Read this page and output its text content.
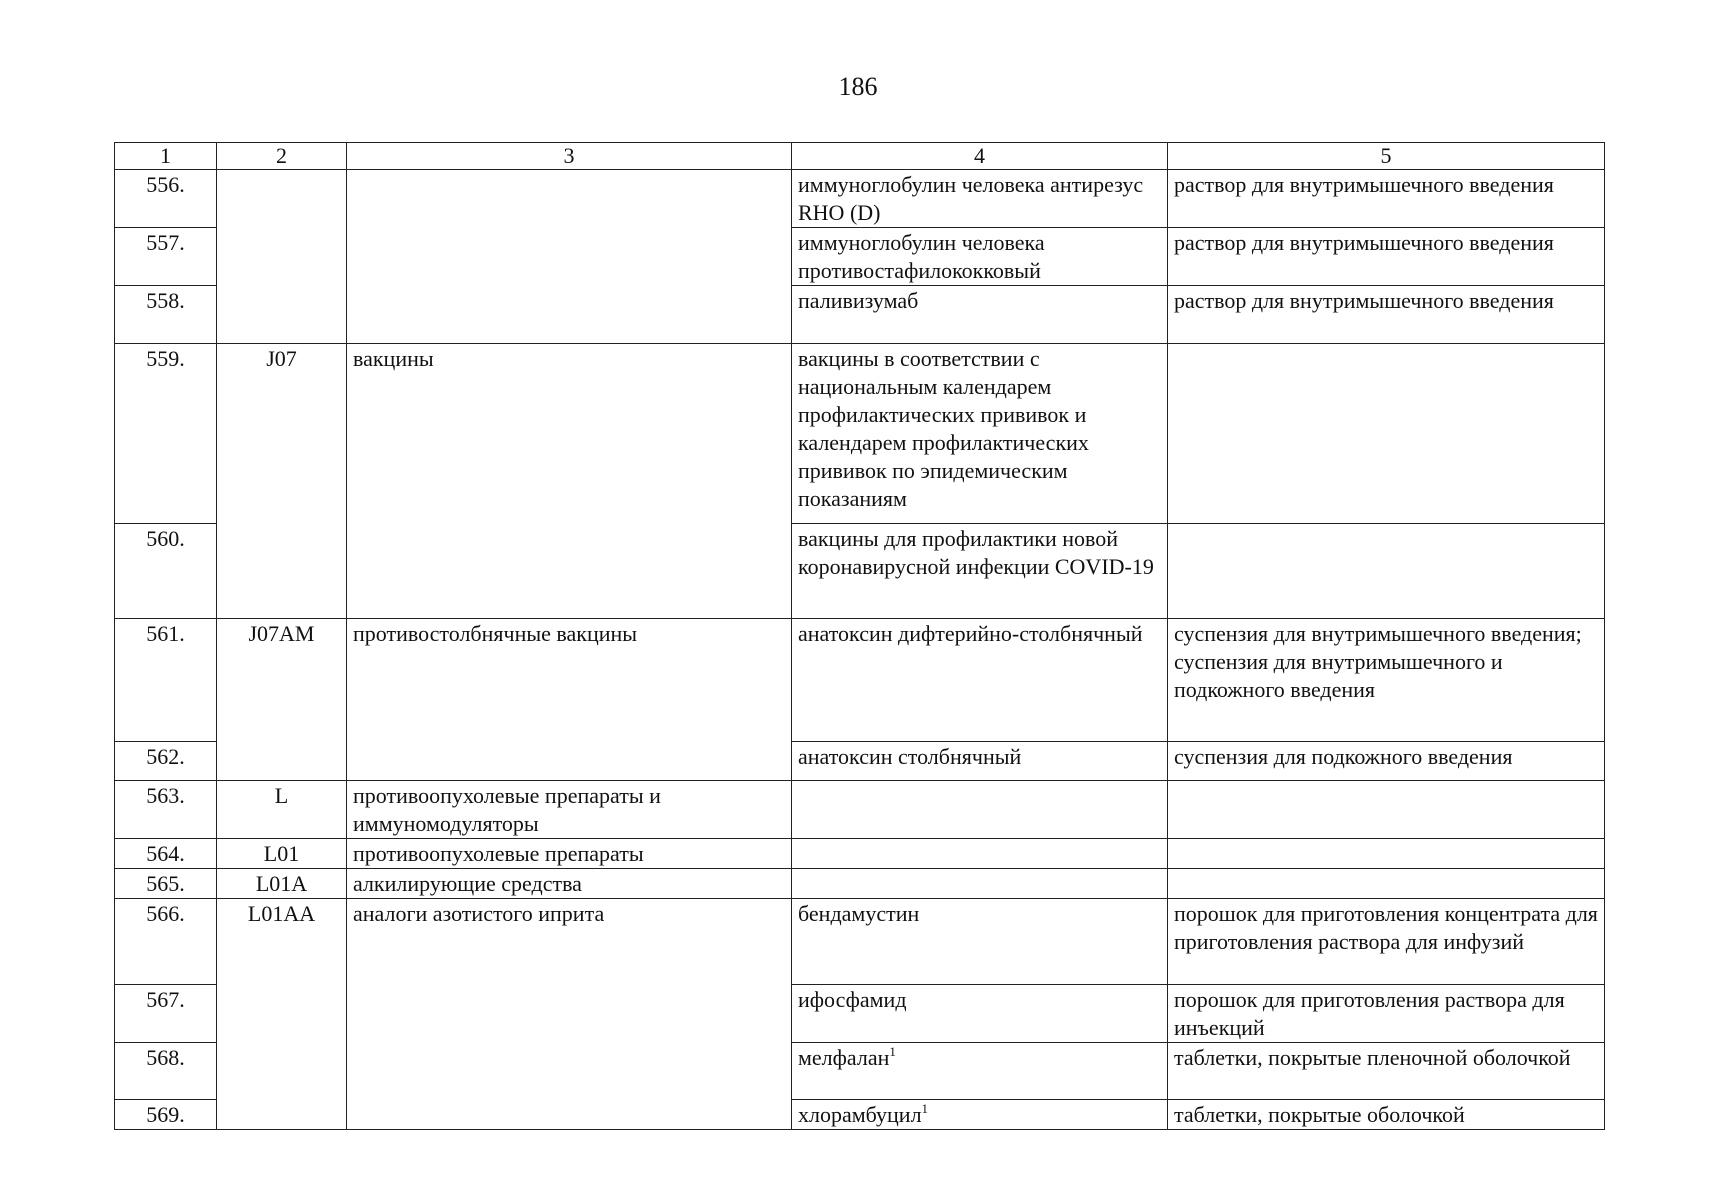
186
1	2	3	4	5
556.			иммуноглобулин человека антирезус RHO (D)	раствор для внутримышечного введения
557.			иммуноглобулин человека противостафилококковый	раствор для внутримышечного введения
558.			паливизумаб	раствор для внутримышечного введения
559.	J07	вакцины	вакцины в соответствии с национальным календарем профилактических прививок и календарем профилактических прививок по эпидемическим показаниям	
560.			вакцины для профилактики новой коронавирусной инфекции COVID-19	
561.	J07AM	противостолбнячные вакцины	анатоксин дифтерийно-столбнячный	суспензия для внутримышечного введения;
суспензия для внутримышечного и подкожного введения

562.			анатоксин столбнячный	суспензия для подкожного введения
563.	L	противоопухолевые препараты и иммуномодуляторы		
564.	L01	противоопухолевые препараты		
565.	L01A	алкилирующие средства		
566.	L01AA	аналоги азотистого иприта	бендамустин	порошок для приготовления концентрата для приготовления раствора для инфузий
567.			ифосфамид	порошок для приготовления раствора для инъекций
568.			мелфалан$^1$	таблетки, покрытые пленочной оболочкой
569.			хлорамбуцил$^1$	таблетки, покрытые оболочкой
